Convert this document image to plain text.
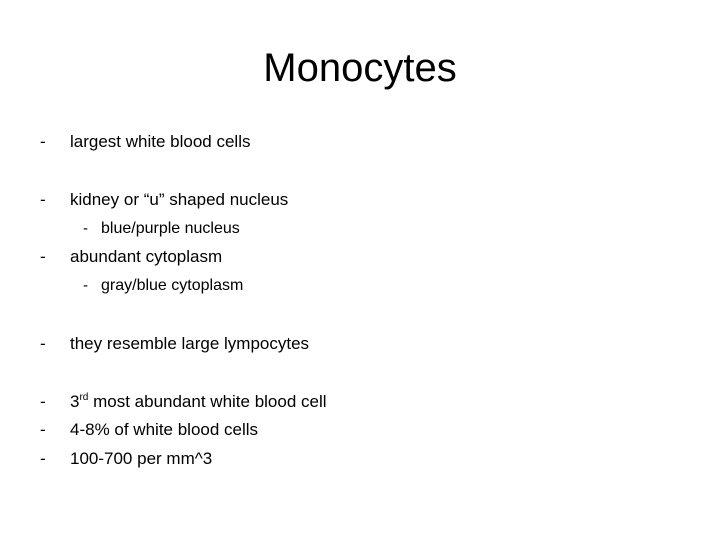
Monocytes
- largest white blood cells
- kidney or “u” shaped nucleus
- blue/purple nucleus
- abundant cytoplasm
- gray/blue cytoplasm
- they resemble large lympocytes
- 3rd most abundant white blood cell
- 4-8% of white blood cells
- 100-700 per mm^3
